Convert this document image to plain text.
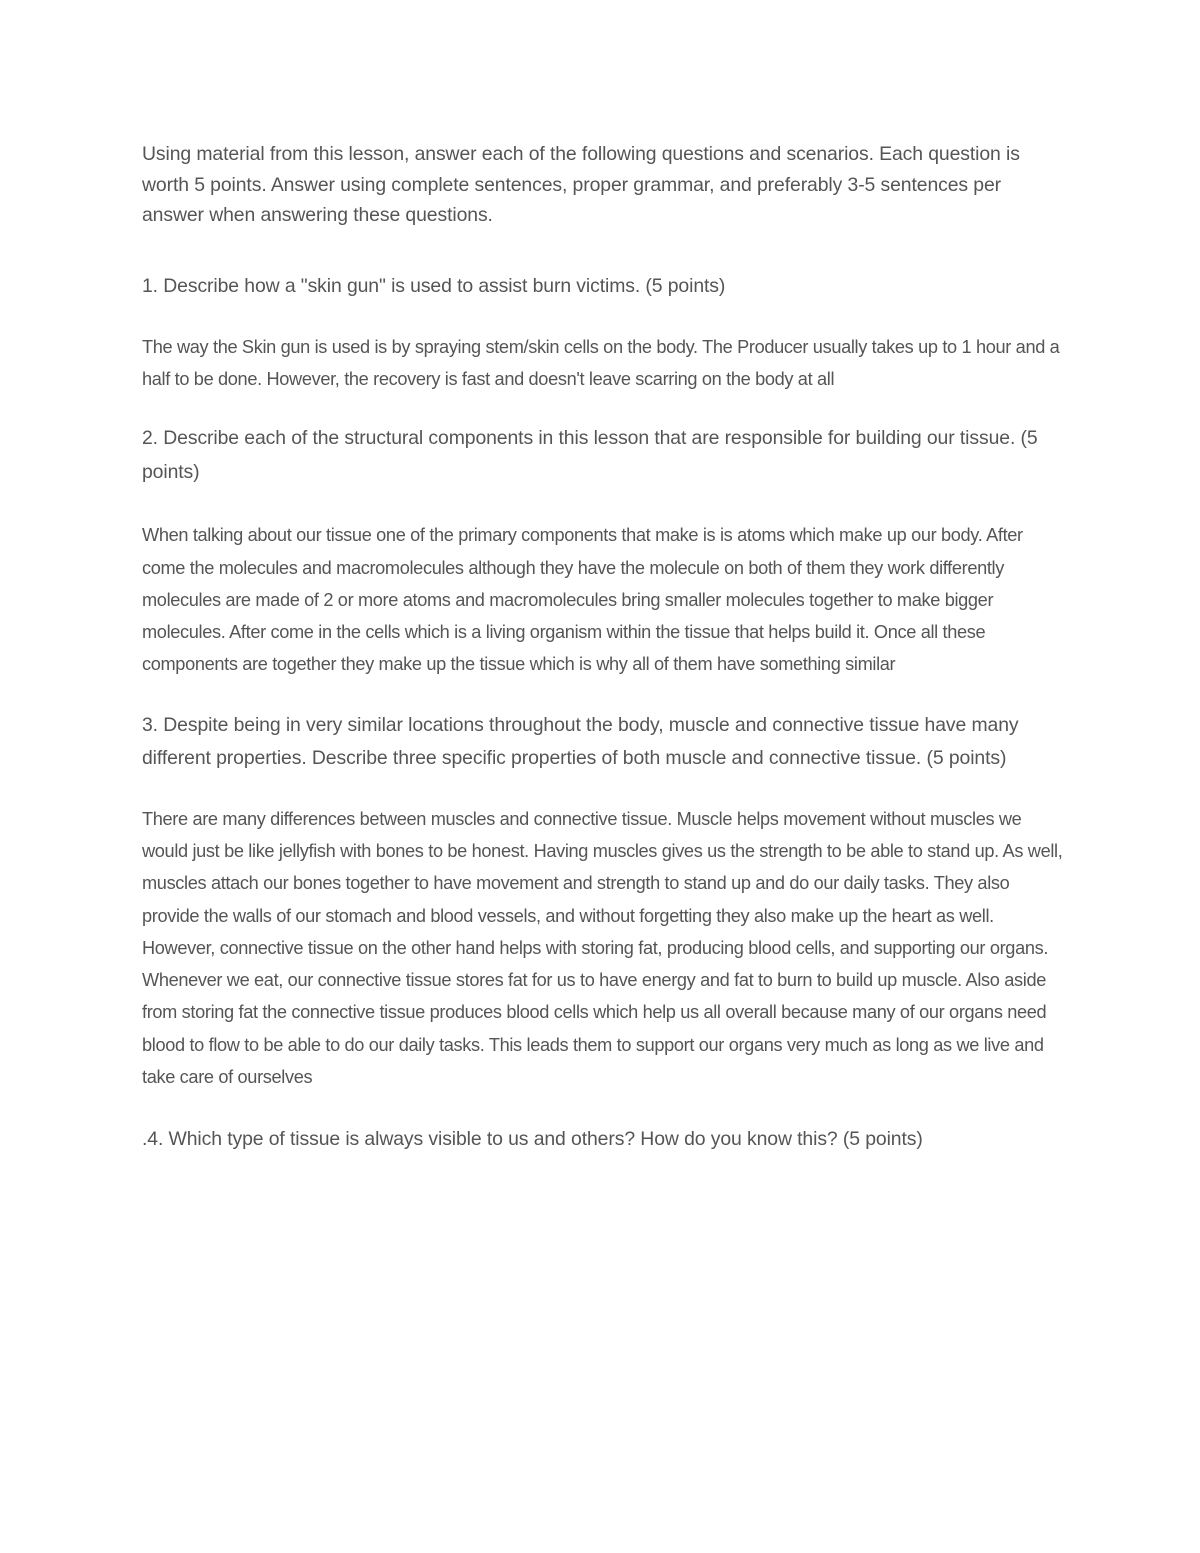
Using material from this lesson, answer each of the following questions and scenarios. Each question is worth 5 points. Answer using complete sentences, proper grammar, and preferably 3-5 sentences per answer when answering these questions.

1. Describe how a "skin gun" is used to assist burn victims. (5 points)

The way the Skin gun is used is by spraying stem/skin cells on the body. The Producer usually takes up to 1 hour and a half to be done. However, the recovery is fast and doesn't leave scarring on the body at all

2. Describe each of the structural components in this lesson that are responsible for building our tissue. (5 points)

When talking about our tissue one of the primary components that make is is atoms which make up our body. After come the molecules and macromolecules although they have the molecule on both of them they work differently molecules are made of 2 or more atoms and macromolecules bring smaller molecules together to make bigger molecules. After come in the cells which is a living organism within the tissue that helps build it. Once all these components are together they make up the tissue which is why all of them have something similar

3. Despite being in very similar locations throughout the body, muscle and connective tissue have many different properties. Describe three specific properties of both muscle and connective tissue. (5 points)

There are many differences between muscles and connective tissue. Muscle helps movement without muscles we would just be like jellyfish with bones to be honest. Having muscles gives us the strength to be able to stand up. As well, muscles attach our bones together to have movement and strength to stand up and do our daily tasks. They also provide the walls of our stomach and blood vessels, and without forgetting they also make up the heart as well. However, connective tissue on the other hand helps with storing fat, producing blood cells, and supporting our organs. Whenever we eat, our connective tissue stores fat for us to have energy and fat to burn to build up muscle. Also aside from storing fat the connective tissue produces blood cells which help us all overall because many of our organs need blood to flow to be able to do our daily tasks. This leads them to support our organs very much as long as we live and take care of ourselves

.4. Which type of tissue is always visible to us and others? How do you know this? (5 points)
